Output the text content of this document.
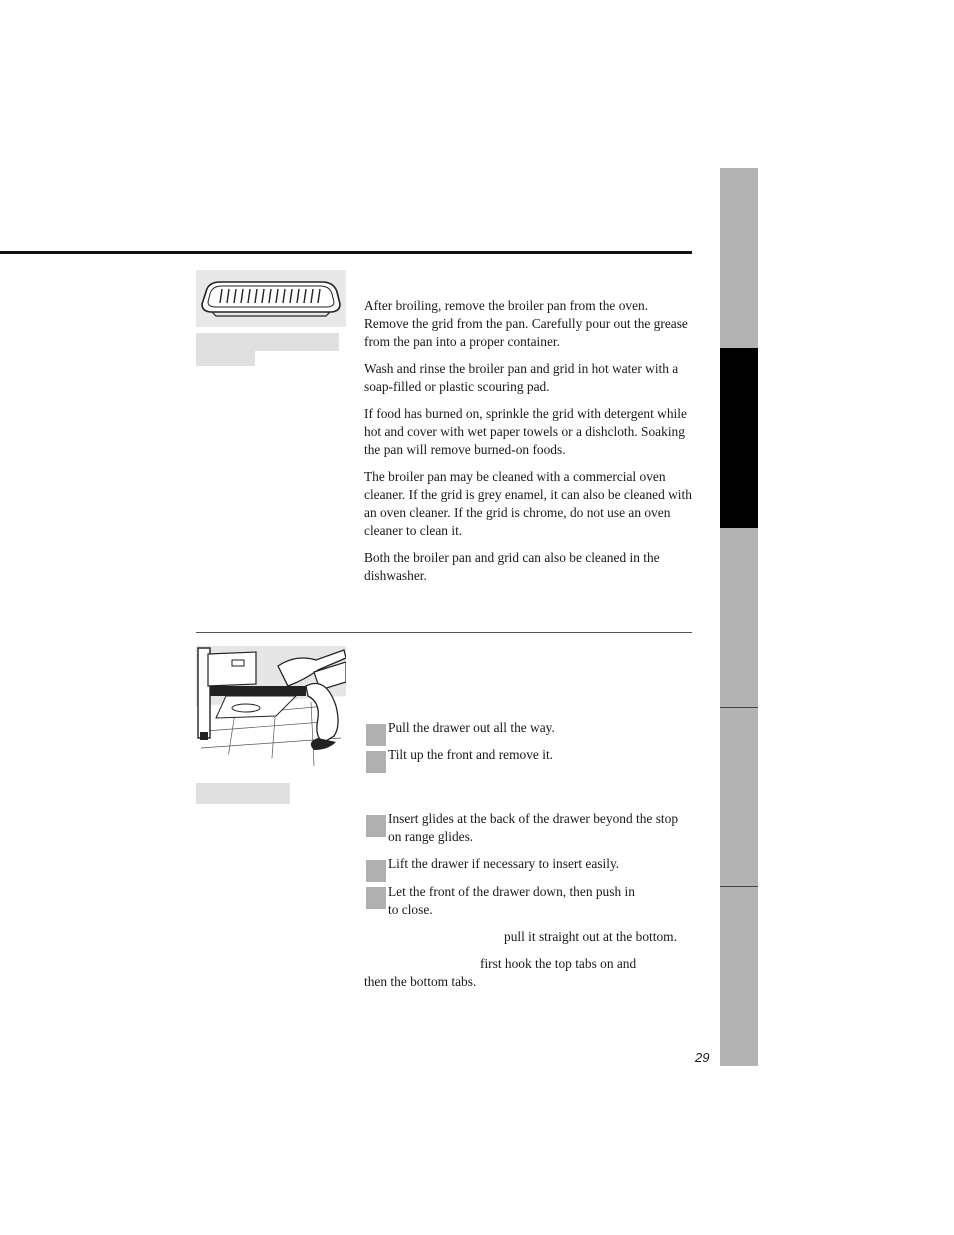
After broiling, remove the broiler pan from the oven. Remove the grid from the pan. Carefully pour out the grease from the pan into a proper container.

Wash and rinse the broiler pan and grid in hot water with a soap-filled or plastic scouring pad.

If food has burned on, sprinkle the grid with detergent while hot and cover with wet paper towels or a dishcloth. Soaking the pan will remove burned-on foods.

The broiler pan may be cleaned with a commercial oven cleaner. If the grid is grey enamel, it can also be cleaned with an oven cleaner. If the grid is chrome, do not use an oven cleaner to clean it.

Both the broiler pan and grid can also be cleaned in the dishwasher.

Pull the drawer out all the way.
Tilt up the front and remove it.
Insert glides at the back of the drawer beyond the stop on range glides.
Lift the drawer if necessary to insert easily.
Let the front of the drawer down, then push in to close.
pull it straight out at the bottom.
first hook the top tabs on and
then the bottom tabs.
29
